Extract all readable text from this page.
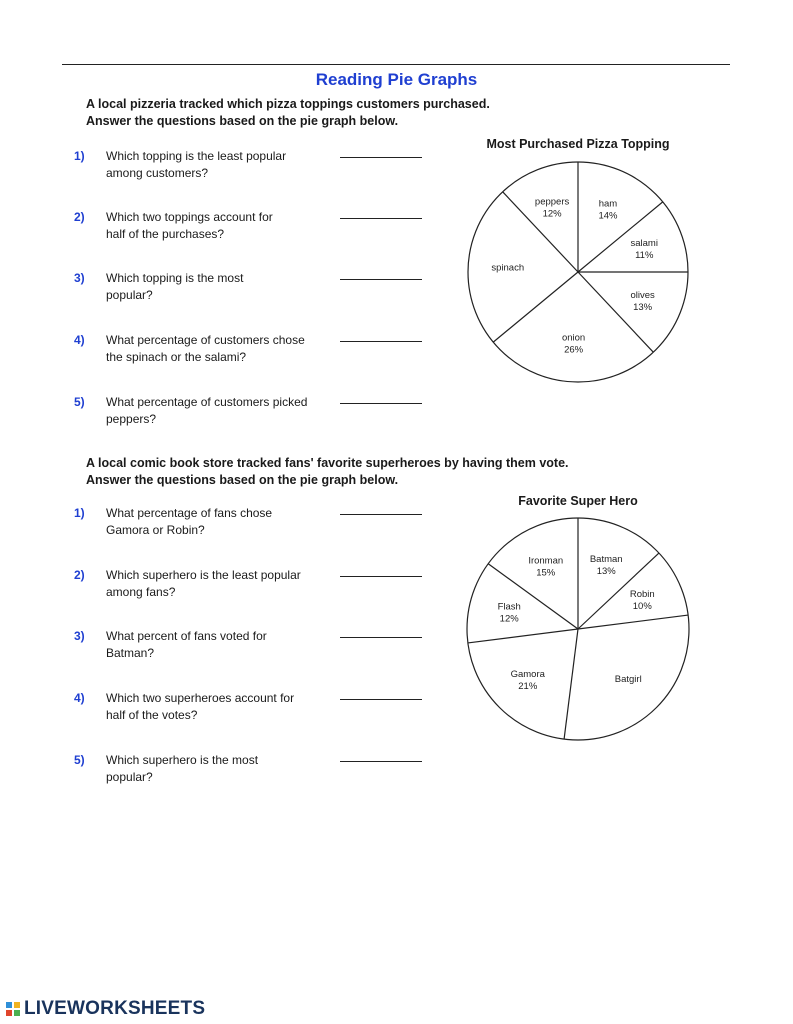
Reading Pie Graphs
A local pizzeria tracked which pizza toppings customers purchased.
Answer the questions based on the pie graph below.
1) Which topping is the least popular
among customers?
2) Which two toppings account for
half of the purchases?
3) Which topping is the most
popular?
4) What percentage of customers chose
the spinach or the salami?
5) What percentage of customers picked
peppers?
Most Purchased Pizza Topping
ham
14%
salami
11%
olives
13%
onion
26%
spinach
peppers
12%
A local comic book store tracked fans' favorite superheroes by having them vote.
Answer the questions based on the pie graph below.
1) What percentage of fans chose
Gamora or Robin?
2) Which superhero is the least popular
among fans?
3) What percent of fans voted for
Batman?
4) Which two superheroes account for
half of the votes?
5) Which superhero is the most
popular?
Favorite Super Hero
Batman
13%
Robin
10%
Batgirl
Gamora
21%
Flash
12%
Ironman
15%
LIVEWORKSHEETS
